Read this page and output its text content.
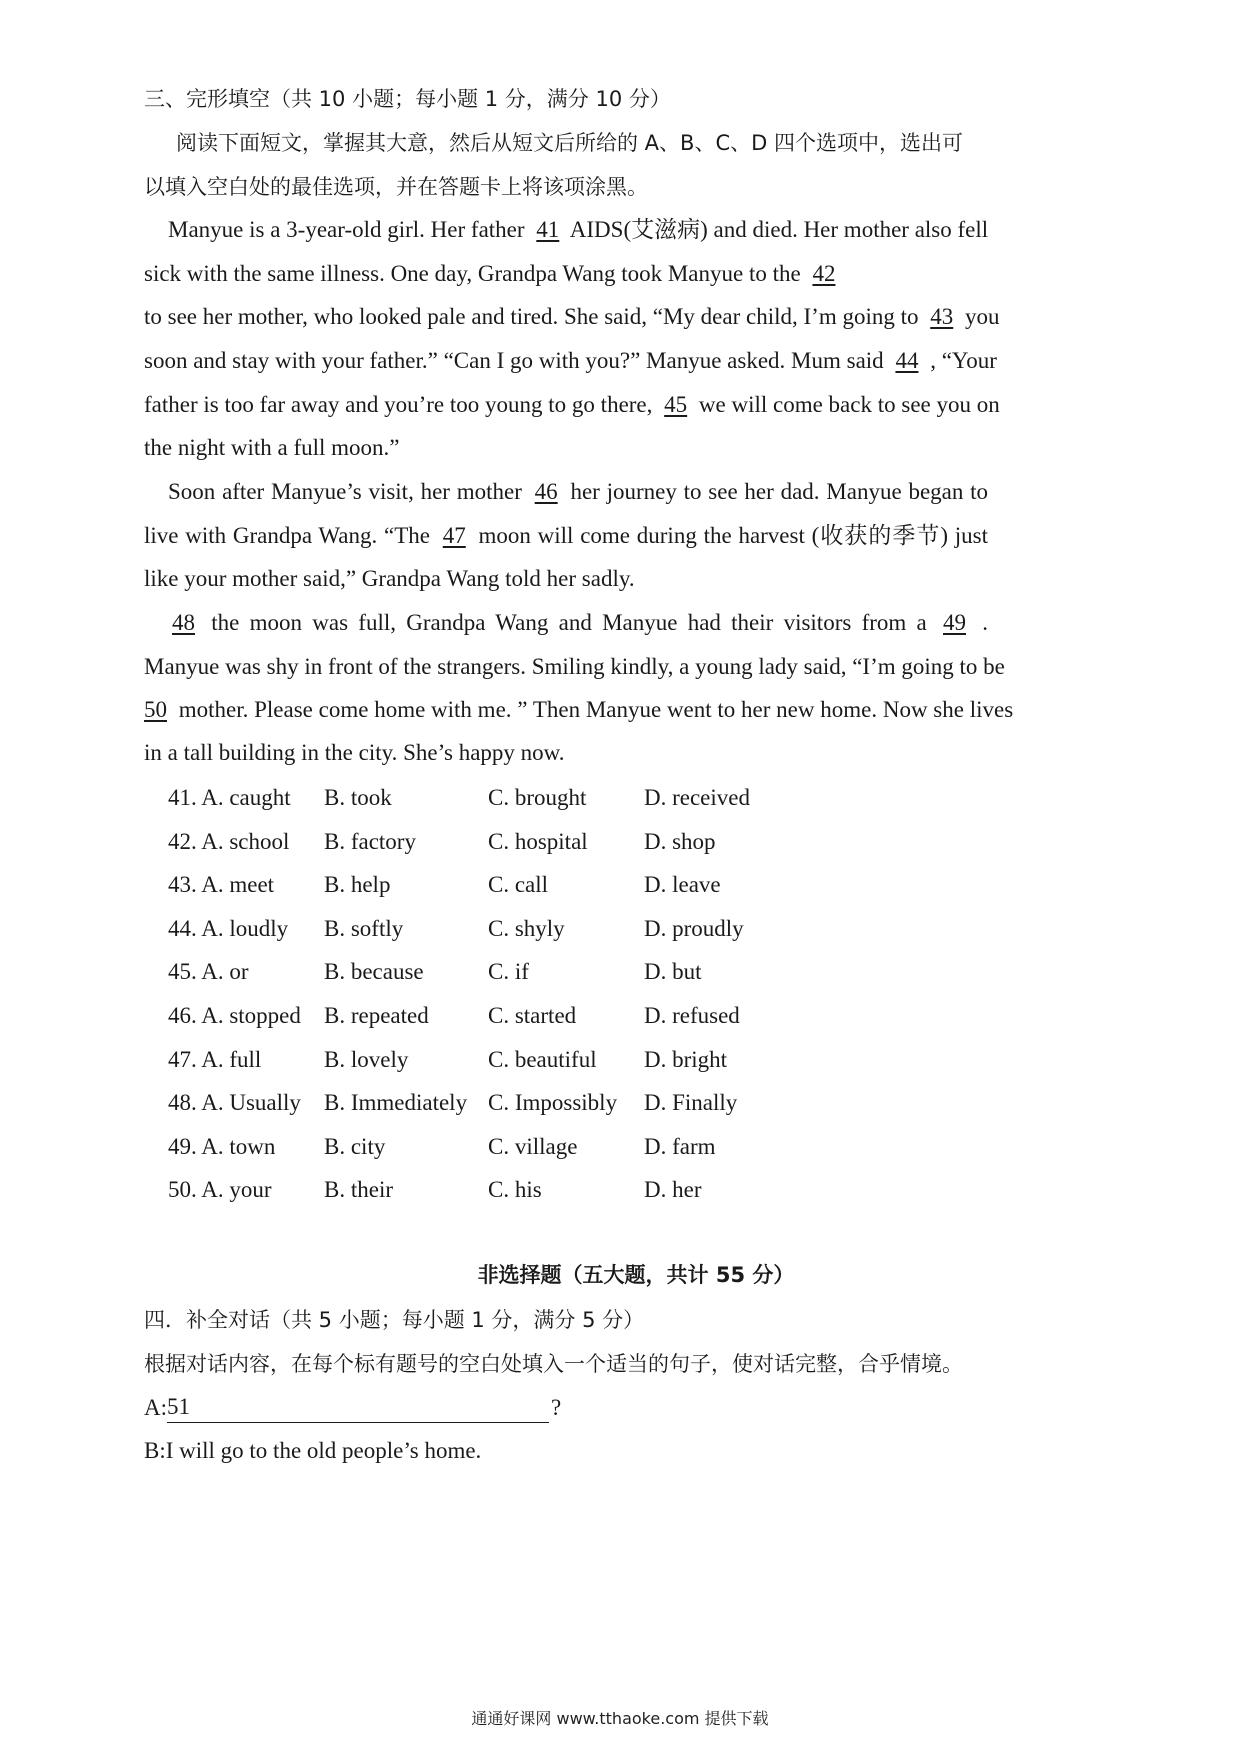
三、完形填空（共 10 小题；每小题 1 分，满分 10 分）
阅读下面短文，掌握其大意，然后从短文后所给的 A、B、C、D 四个选项中，选出可
以填入空白处的最佳选项，并在答题卡上将该项涂黑。
Manyue is a 3-year-old girl. Her father 41 AIDS(艾滋病) and died. Her mother also fell
sick with the same illness. One day, Grandpa Wang took Manyue to the 42
to see her mother, who looked pale and tired. She said, “My dear child, I’m going to 43 you
soon and stay with your father.” “Can I go with you?” Manyue asked. Mum said 44 , “Your
father is too far away and you’re too young to go there, 45 we will come back to see you on
the night with a full moon.”
Soon after Manyue’s visit, her mother 46 her journey to see her dad. Manyue began to
live with Grandpa Wang. “The 47 moon will come during the harvest (收获的季节) just
like your mother said,” Grandpa Wang told her sadly.
48 the moon was full, Grandpa Wang and Manyue had their visitors from a 49 .
Manyue was shy in front of the strangers. Smiling kindly, a young lady said, “I’m going to be
50 mother. Please come home with me. ” Then Manyue went to her new home. Now she lives
in a tall building in the city. She’s happy now.
41. A. caught B. took	C. brought	D. received
42. A. school B. factory	C. hospital D. shop
43. A. meet B. help	C. call	D. leave
44. A. loudly B. softly	C. shyly	D. proudly
45. A. or	B. because	C. if	D. but
46. A. stopped B. repeated	C. started	D. refused
47. A. full	B. lovely	C. beautiful D. bright
48. A. Usually B. Immediately C. Impossibly D. Finally
49. A. town B. city	C. village	D. farm
50. A. your B. their	C. his	D. her
非选择题（五大题，共计 55 分）
四．补全对话（共 5 小题；每小题 1 分，满分 5 分）
根据对话内容，在每个标有题号的空白处填入一个适当的句子，使对话完整，合乎情境。
A: 51	?
B:I will go to the old people’s home.
通通好课网 www.tthaoke.com 提供下载
